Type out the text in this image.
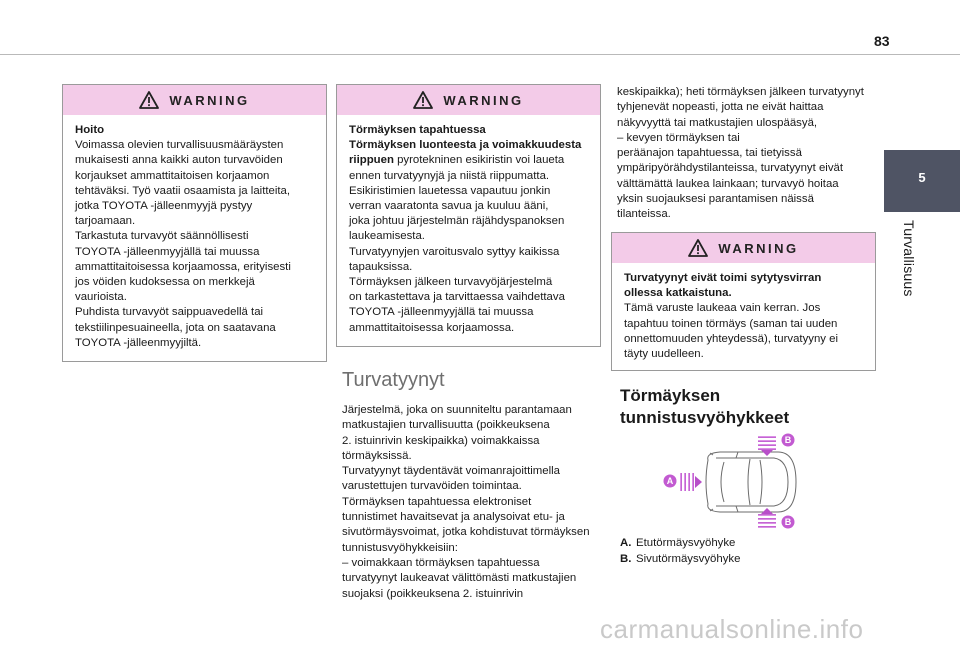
83
5
Turvallisuus
WARNING

Hoito

Voimassa olevien turvallisuusmääräysten

mukaisesti anna kaikki auton turvavöiden

korjaukset ammattitaitoisen korjaamon

tehtäväksi. Työ vaatii osaamista ja laitteita,

jotka TOYOTA -jälleenmyyjä pystyy

tarjoamaan.

Tarkastuta turvavyöt säännöllisesti

TOYOTA -jälleenmyyjällä tai muussa

ammattitaitoisessa korjaamossa, erityisesti

jos vöiden kudoksessa on merkkejä

vaurioista.

Puhdista turvavyöt saippuavedellä tai

tekstiilinpesuaineella, jota on saatavana

TOYOTA -jälleenmyyjiltä.

WARNING

Törmäyksen tapahtuessa

Törmäyksen luonteesta ja voimakkuudesta

riippuen pyrotekninen esikiristin voi laueta

ennen turvatyynyjä ja niistä riippumatta.

Esikiristimien lauetessa vapautuu jonkin

verran vaaratonta savua ja kuuluu ääni,

joka johtuu järjestelmän räjähdyspanoksen

laukeamisesta.

Turvatyynyjen varoitusvalo syttyy kaikissa

tapauksissa.

Törmäyksen jälkeen turvavyöjärjestelmä

on tarkastettava ja tarvittaessa vaihdettava

TOYOTA -jälleenmyyjällä tai muussa

ammattitaitoisessa korjaamossa.

Turvatyynyt

Järjestelmä, joka on suunniteltu parantamaan

matkustajien turvallisuutta (poikkeuksena

2. istuinrivin keskipaikka) voimakkaissa

törmäyksissä.

Turvatyynyt täydentävät voimanrajoittimella

varustettujen turvavöiden toimintaa.

Törmäyksen tapahtuessa elektroniset

tunnistimet havaitsevat ja analysoivat etu- ja

sivutörmäysvoimat, jotka kohdistuvat törmäyksen

tunnistusvyöhykkeisiin:

– voimakkaan törmäyksen tapahtuessa

turvatyynyt laukeavat välittömästi matkustajien

suojaksi (poikkeuksena 2. istuinrivin

keskipaikka); heti törmäyksen jälkeen turvatyynyt

tyhjenevät nopeasti, jotta ne eivät haittaa

näkyvyyttä tai matkustajien ulospääsyä,

– kevyen törmäyksen tai

peräänajon tapahtuessa, tai tietyissä

ympäripyörähdystilanteissa, turvatyynyt eivät

välttämättä laukea lainkaan; turvavyö hoitaa

yksin suojauksesi parantamisen näissä

tilanteissa.

WARNING

Turvatyynyt eivät toimi sytytysvirran

ollessa katkaistuna.

Tämä varuste laukeaa vain kerran. Jos

tapahtuu toinen törmäys (saman tai uuden

onnettomuuden yhteydessä), turvatyyny ei

täyty uudelleen.

Törmäyksen
tunnistusvyöhykkeet
B
B
A
A. Etutörmäysvyöhyke
B. Sivutörmäysvyöhyke
carmanualsonline.info
